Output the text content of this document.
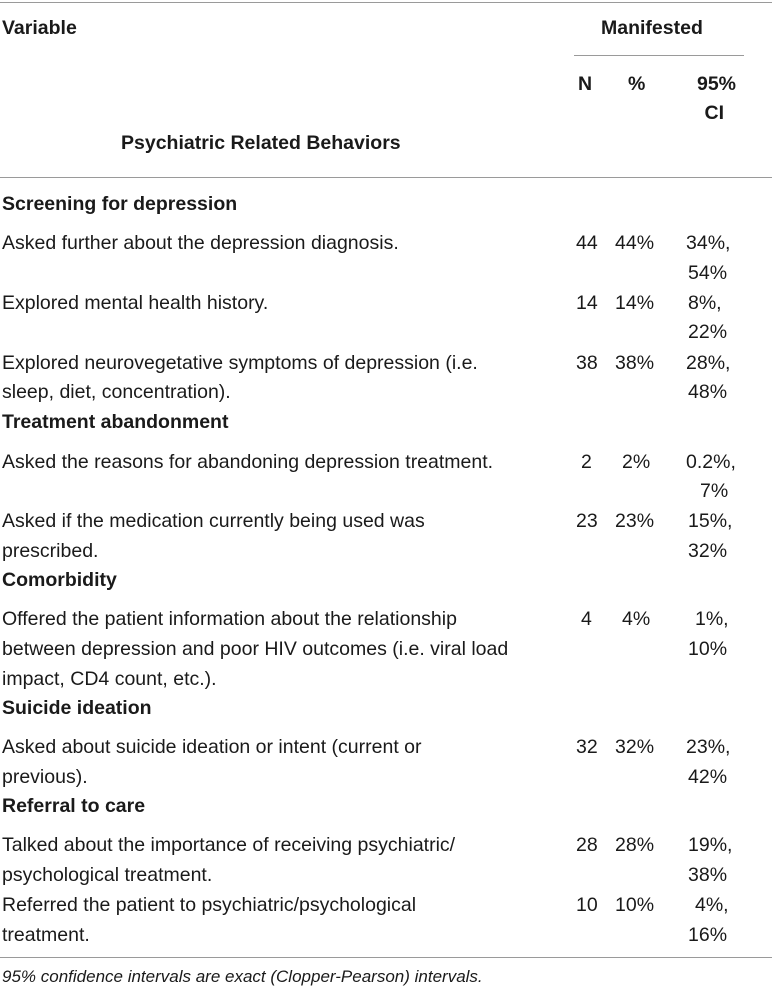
Variable	Manifested
N %	95%
CI
Psychiatric Related Behaviors
Screening for depression
Asked further about the depression diagnosis.	44 44% 34%,
54%
Explored mental health history.	14 14% 8%,
22%
Explored neurovegetative symptoms of depression (i.e.
sleep, diet, concentration).
38 38% 28%,
48%
Treatment abandonment
Asked the reasons for abandoning depression treatment.	2 2% 0.2%,
7%
Asked if the medication currently being used was
prescribed.
23 23% 15%,
32%
Comorbidity
Offered the patient information about the relationship
between depression and poor HIV outcomes (i.e. viral load
impact, CD4 count, etc.).
4 4% 1%,
10%
Suicide ideation
Asked about suicide ideation or intent (current or
previous).
32 32% 23%,
42%
Referral to care
Talked about the importance of receiving psychiatric/
psychological treatment.
28 28% 19%,
38%
Referred the patient to psychiatric/psychological
treatment.
10 10% 4%,
16%
95% confidence intervals are exact (Clopper-Pearson) intervals.
